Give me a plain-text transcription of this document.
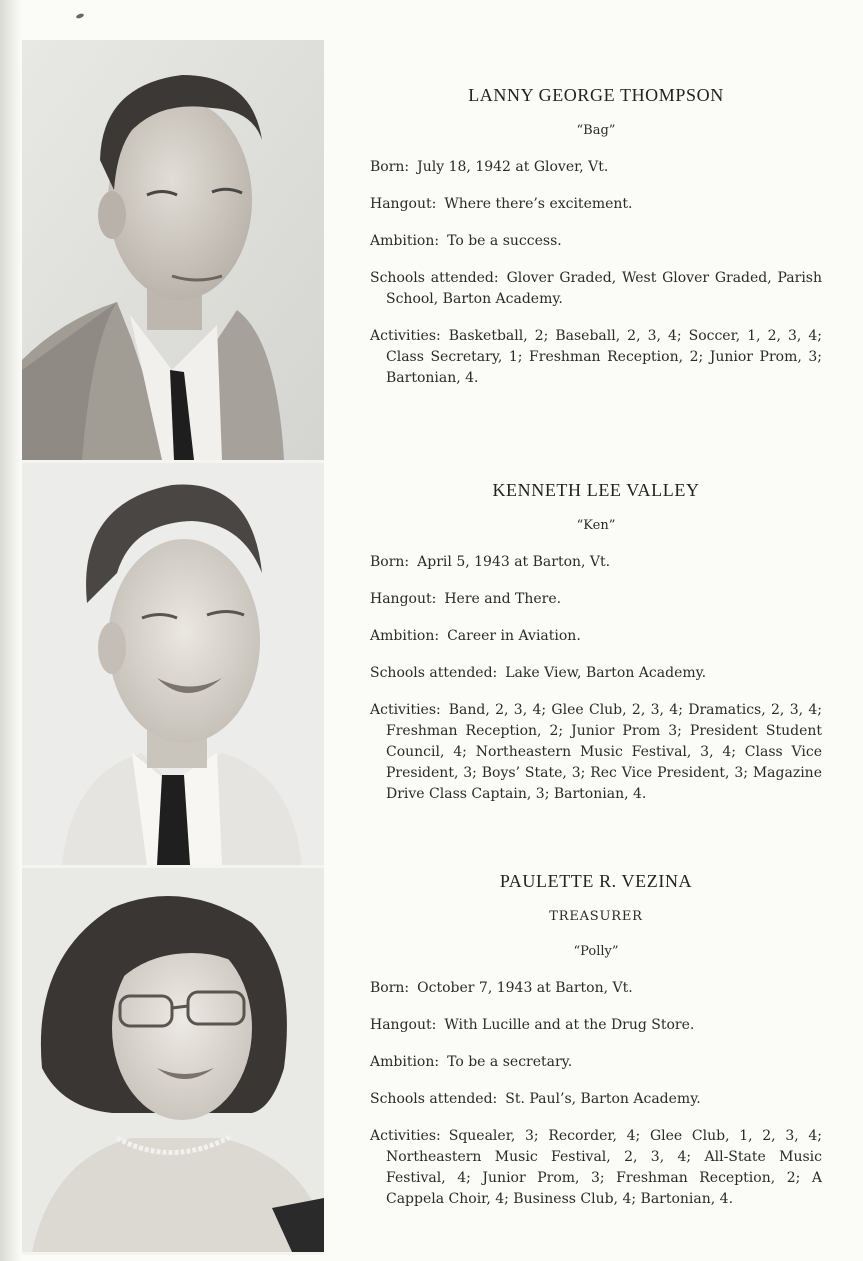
LANNY GEORGE THOMPSON
“Bag”
Born: July 18, 1942 at Glover, Vt.
Hangout: Where there’s excitement.
Ambition: To be a success.
Schools attended: Glover Graded, West Glover Graded, Parish School, Barton Academy.
Activities: Basketball, 2; Baseball, 2, 3, 4; Soccer, 1, 2, 3, 4; Class Secretary, 1; Freshman Reception, 2; Junior Prom, 3; Bartonian, 4.
KENNETH LEE VALLEY
“Ken”
Born: April 5, 1943 at Barton, Vt.
Hangout: Here and There.
Ambition: Career in Aviation.
Schools attended: Lake View, Barton Academy.
Activities: Band, 2, 3, 4; Glee Club, 2, 3, 4; Dramatics, 2, 3, 4; Freshman Reception, 2; Junior Prom 3; President Student Council, 4; Northeastern Music Festival, 3, 4; Class Vice President, 3; Boys’ State, 3; Rec Vice President, 3; Magazine Drive Class Captain, 3; Bartonian, 4.
PAULETTE R. VEZINA
TREASURER
“Polly”
Born: October 7, 1943 at Barton, Vt.
Hangout: With Lucille and at the Drug Store.
Ambition: To be a secretary.
Schools attended: St. Paul’s, Barton Academy.
Activities: Squealer, 3; Recorder, 4; Glee Club, 1, 2, 3, 4; Northeastern Music Festival, 2, 3, 4; All-State Music Festival, 4; Junior Prom, 3; Freshman Reception, 2; A Cappela Choir, 4; Business Club, 4; Bartonian, 4.
